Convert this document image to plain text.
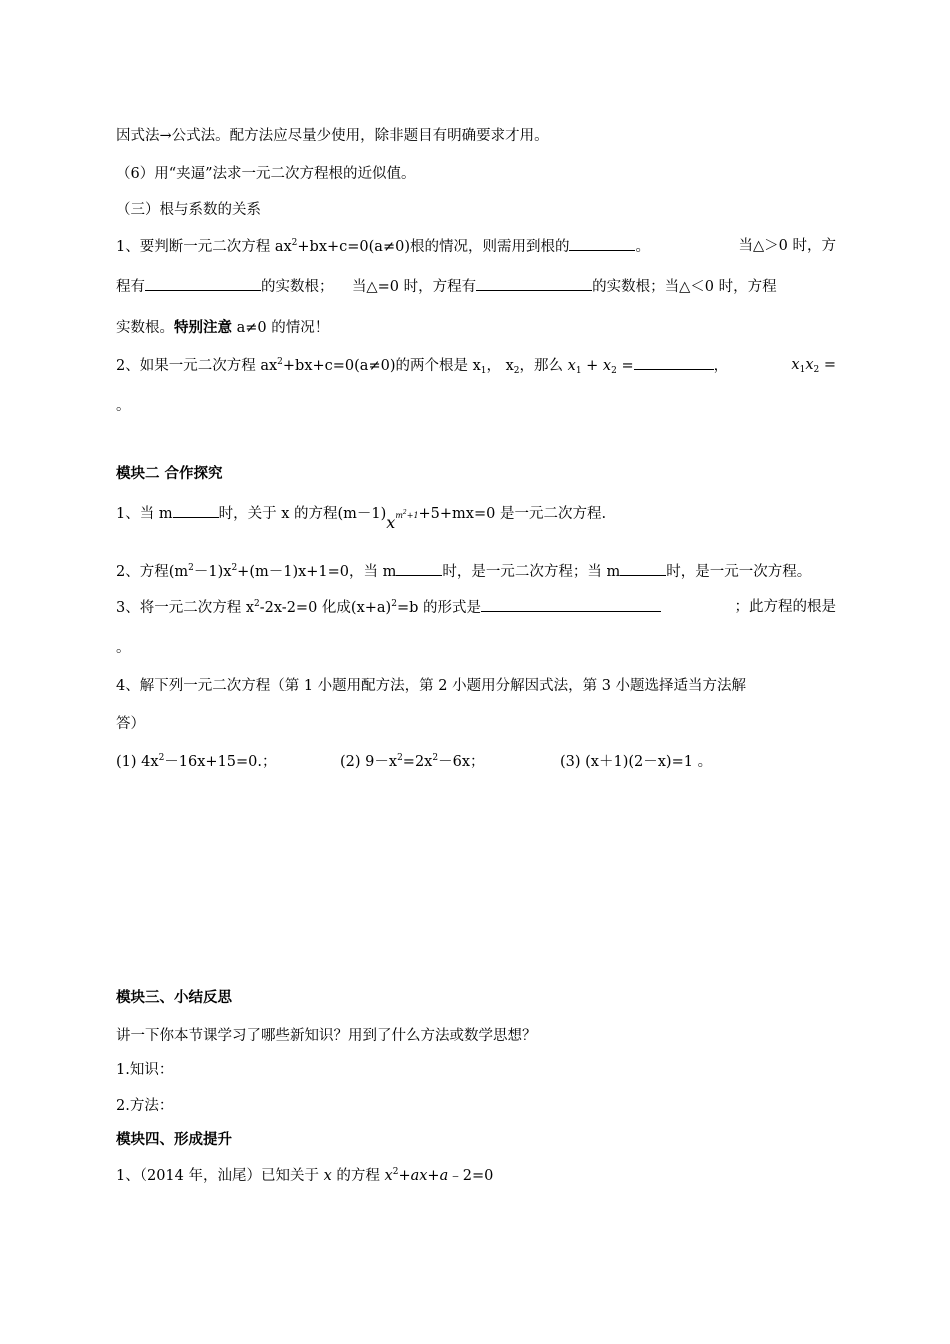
因式法→公式法。配方法应尽量少使用，除非题目有明确要求才用。
（6）用“夹逼”法求一元二次方程根的近似值。
（三）根与系数的关系
1、要判断一元二次方程 $ax^2+bx+c=0(a\ne 0)$根的情况，则需用到根的	。	当△＞0 时，方
程有	的实数根； 当△=0 时，方程有	的实数根；当△＜0 时，方程
实数根。特别注意 a≠0 的情况！
2、如果一元二次方程 $ax^2+bx+c=0(a\ne 0)$的两个根是 $x_1$， $x_2$，那么 $x_1 + x_2$ =	，	$x_1x_2$ =
。
模块二 合作探究
1、当 m	时，关于 x 的方程$(m-1)x^{m^2+1}+5+mx=0$ 是一元二次方程.
2、方程$(m^2-1)x^2+(m-1)x+1=0$，当 m	时，是一元二次方程；当 m	时，是一元一次方程。
3、将一元二次方程 $x^2-2x-2=0$ 化成$(x+a)^2=b$ 的形式是	；此方程的根是
。
4、解下列一元二次方程（第 1 小题用配方法，第 2 小题用分解因式法，第 3 小题选择适当方法解
答）
(1) $4x^2-16x+15=0$.；	(2) $9-x^2=2x^2-6x$；	(3) (x＋1)(2－x)=1 。
模块三、小结反思
讲一下你本节课学习了哪些新知识？用到了什么方法或数学思想？
1.知识：
2.方法：
模块四、形成提升
1、（2014 年，汕尾）已知关于 x 的方程 $x^2+ax+a﹣2=0$
